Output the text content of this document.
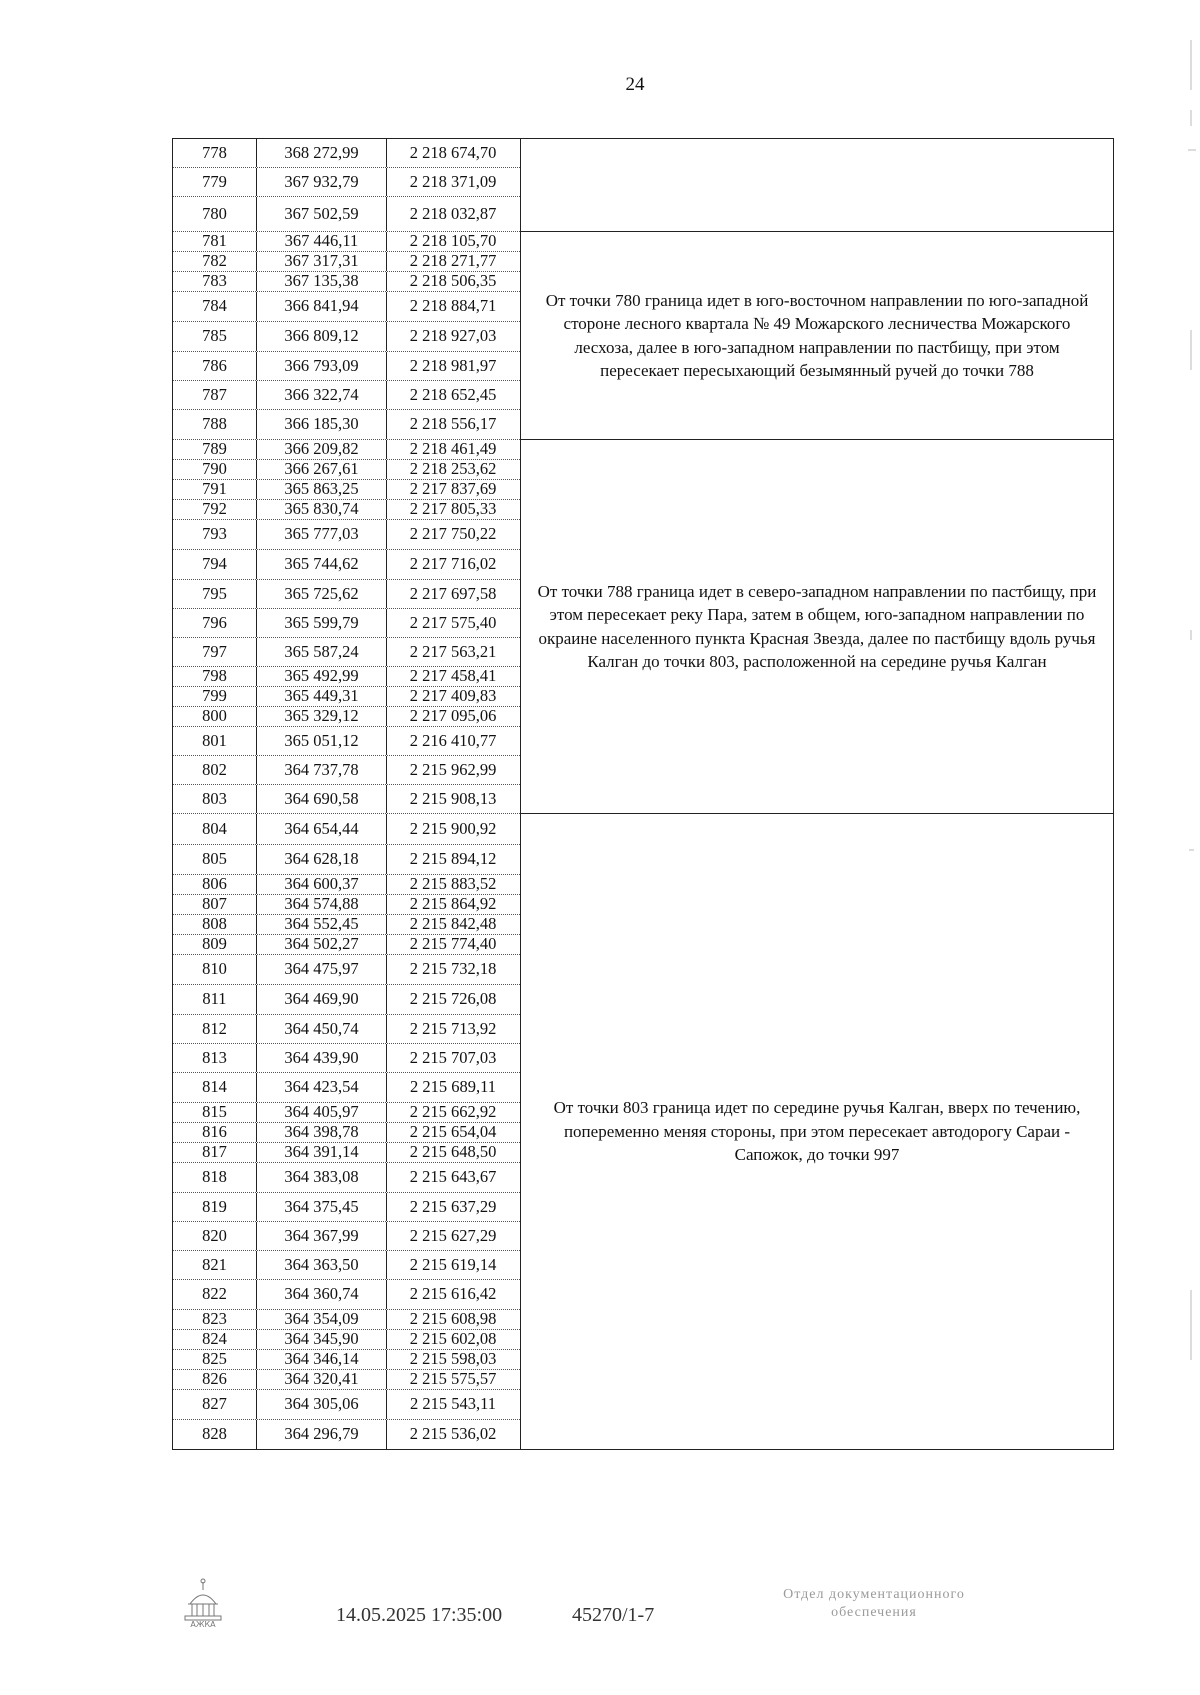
24
778	368 272,99	2 218 674,70
779	367 932,79	2 218 371,09
780	367 502,59	2 218 032,87
781	367 446,11	2 218 105,70
782	367 317,31	2 218 271,77
783	367 135,38	2 218 506,35
784	366 841,94	2 218 884,71
785	366 809,12	2 218 927,03
786	366 793,09	2 218 981,97
787	366 322,74	2 218 652,45
788	366 185,30	2 218 556,17
789	366 209,82	2 218 461,49
790	366 267,61	2 218 253,62
791	365 863,25	2 217 837,69
792	365 830,74	2 217 805,33
793	365 777,03	2 217 750,22
794	365 744,62	2 217 716,02
795	365 725,62	2 217 697,58
796	365 599,79	2 217 575,40
797	365 587,24	2 217 563,21
798	365 492,99	2 217 458,41
799	365 449,31	2 217 409,83
800	365 329,12	2 217 095,06
801	365 051,12	2 216 410,77
802	364 737,78	2 215 962,99
803	364 690,58	2 215 908,13
804	364 654,44	2 215 900,92
805	364 628,18	2 215 894,12
806	364 600,37	2 215 883,52
807	364 574,88	2 215 864,92
808	364 552,45	2 215 842,48
809	364 502,27	2 215 774,40
810	364 475,97	2 215 732,18
811	364 469,90	2 215 726,08
812	364 450,74	2 215 713,92
813	364 439,90	2 215 707,03
814	364 423,54	2 215 689,11
815	364 405,97	2 215 662,92
816	364 398,78	2 215 654,04
817	364 391,14	2 215 648,50
818	364 383,08	2 215 643,67
819	364 375,45	2 215 637,29
820	364 367,99	2 215 627,29
821	364 363,50	2 215 619,14
822	364 360,74	2 215 616,42
823	364 354,09	2 215 608,98
824	364 345,90	2 215 602,08
825	364 346,14	2 215 598,03
826	364 320,41	2 215 575,57
827	364 305,06	2 215 543,11
828	364 296,79	2 215 536,02
От точки 780 граница идет в юго-восточном направлении по юго-западной стороне лесного квартала № 49 Можарского лесничества Можарского лесхоза, далее в юго-западном направлении по пастбищу, при этом пересекает пересыхающий безымянный ручей до точки 788
От точки 788 граница идет в северо-западном направлении по пастбищу, при этом пересекает реку Пара, затем в общем, юго-западном направлении по окраине населенного пункта Красная Звезда, далее по пастбищу вдоль ручья Калган до точки 803, расположенной на середине ручья Калган
От точки 803 граница идет по середине ручья Калган, вверх по течению, попеременно меняя стороны, при этом пересекает автодорогу Сараи - Сапожок, до точки 997
АЖКА	14.05.2025 17:35:00	45270/1-7
Отдел документационного
обеспечения
